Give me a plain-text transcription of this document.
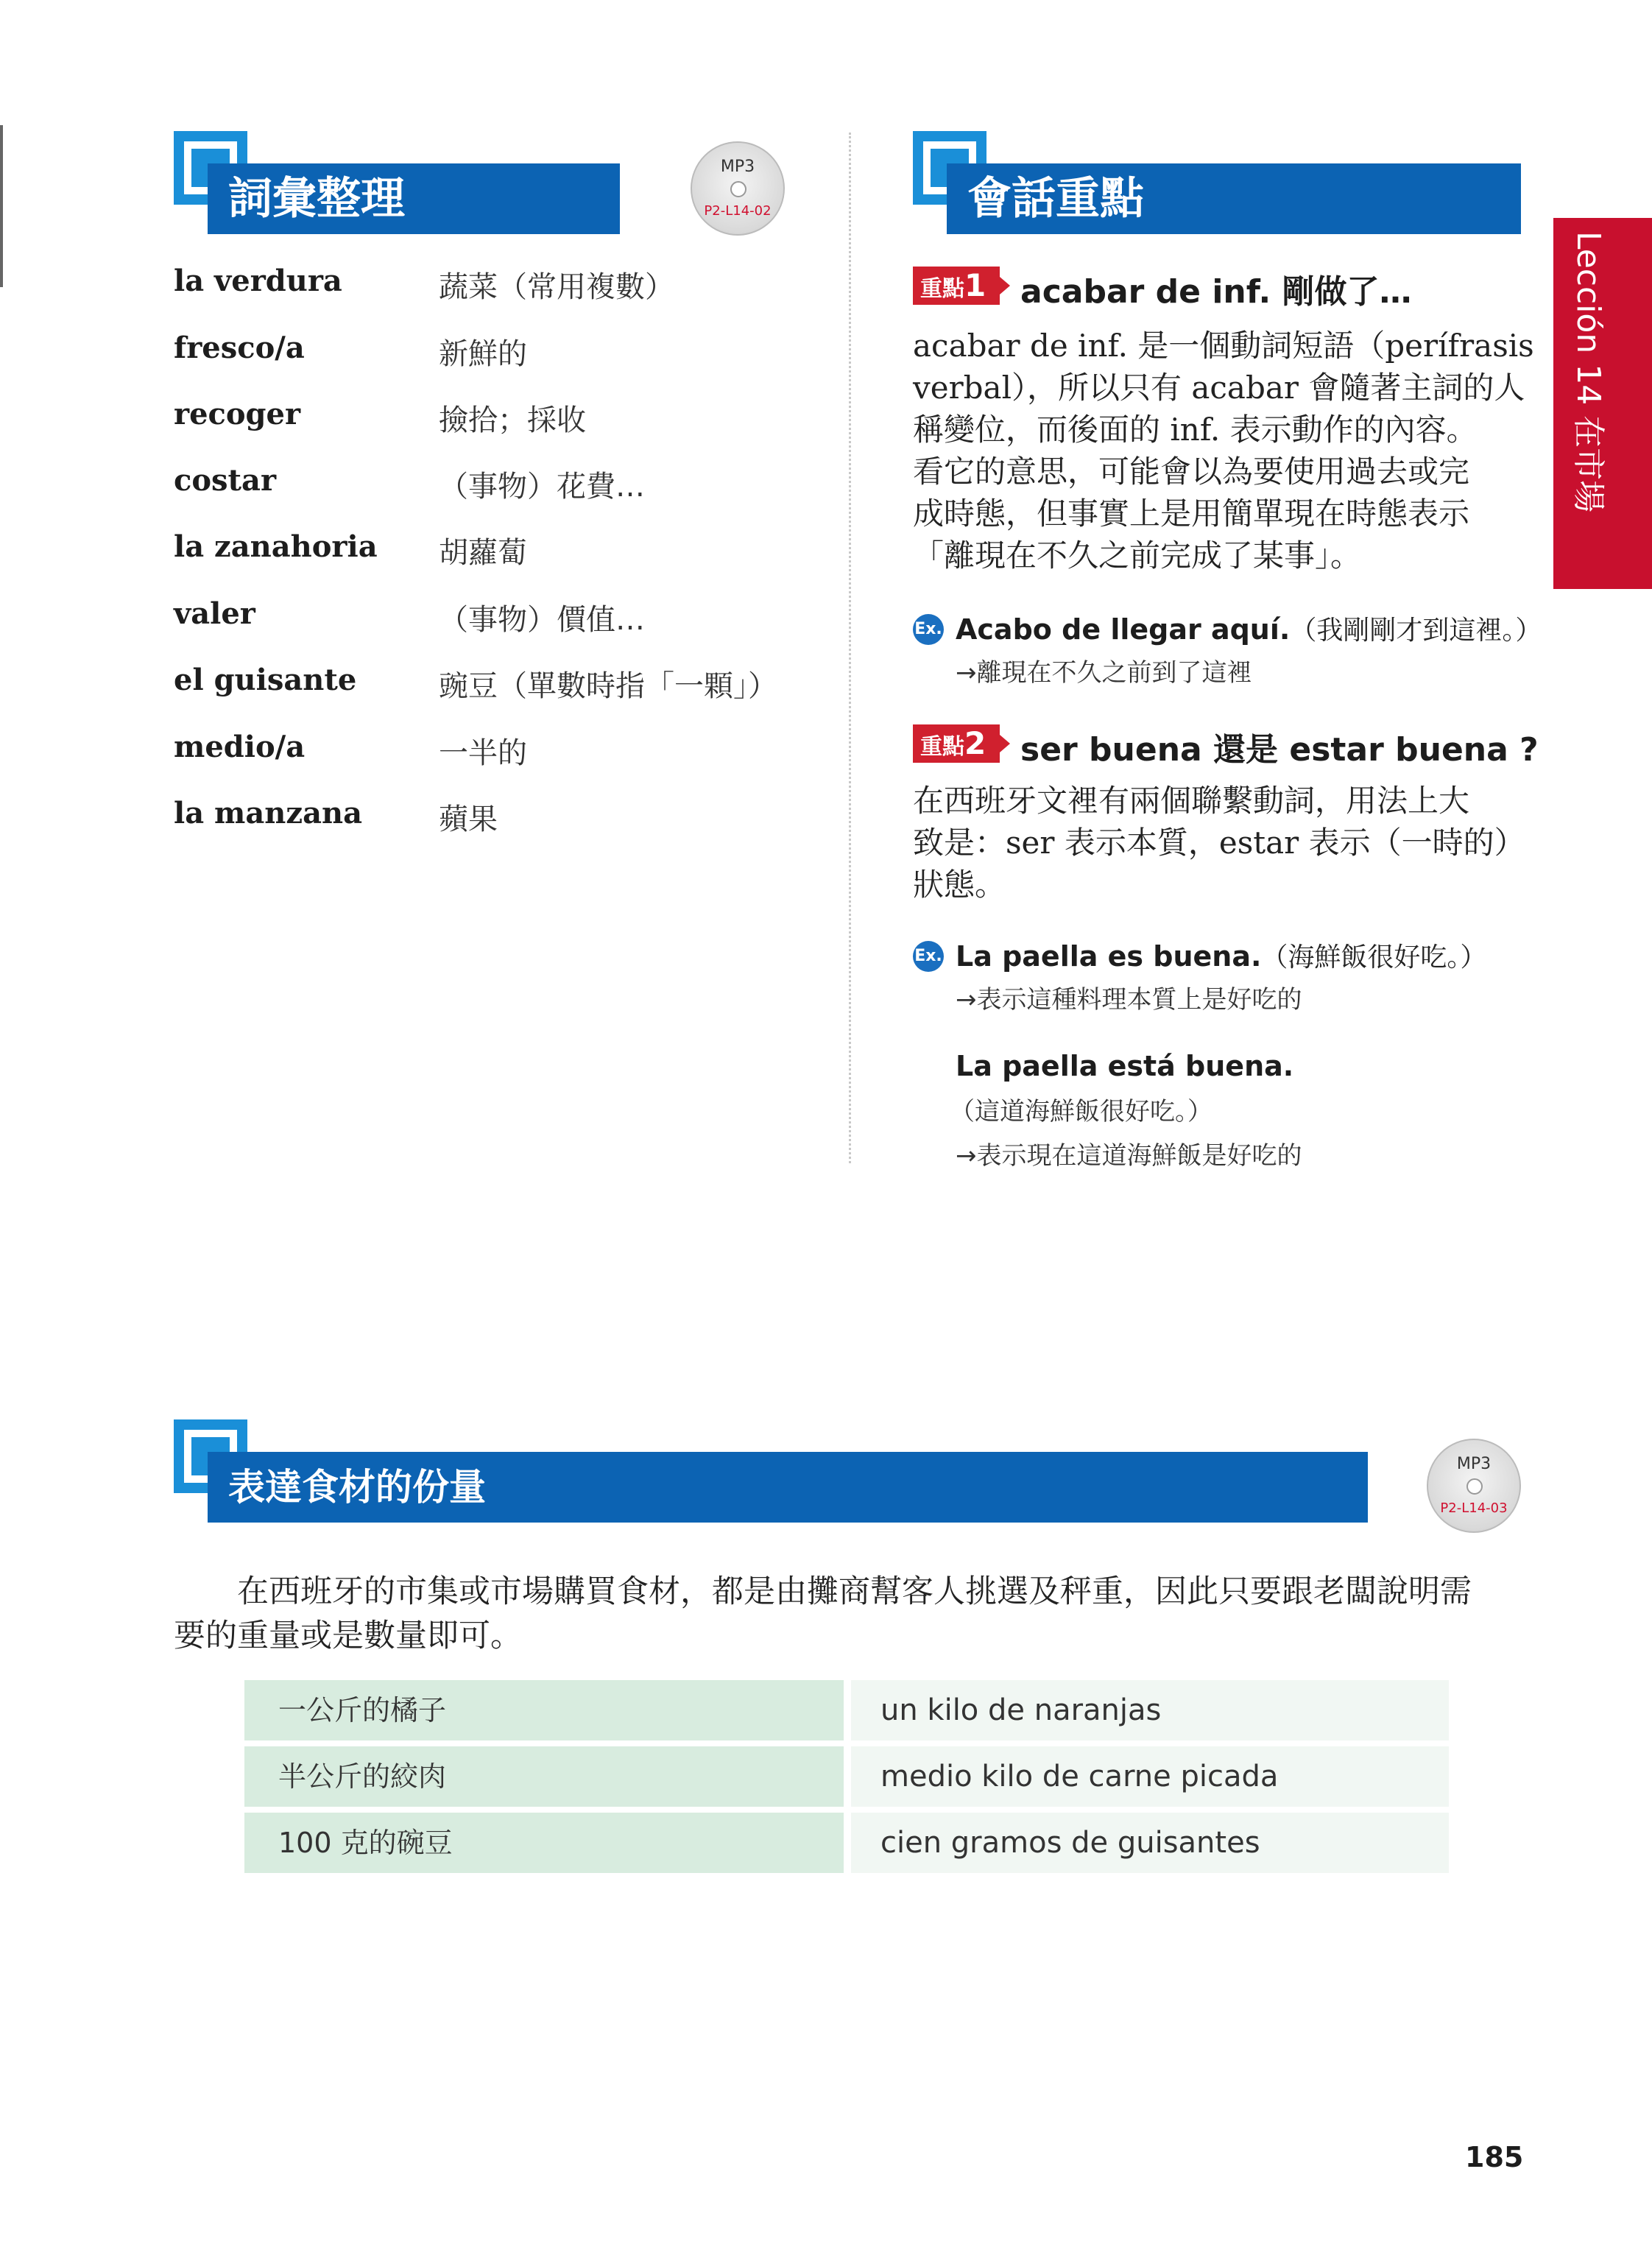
詞彙整理
MP3
P2-L14-02
la verdura	蔬菜（常用複數）
fresco/a	新鮮的
recoger	撿拾；採收
costar	（事物）花費…
la zanahoria 胡蘿蔔
valer	（事物）價值…
el guisante	豌豆（單數時指「一顆」）
medio/a	一半的
la manzana	蘋果
會話重點
Lección 14 在市場
重點1	acabar de inf. 剛做了…
acabar de inf. 是一個動詞短語（perífrasis
verbal），所以只有 acabar 會隨著主詞的人
稱變位，而後面的 inf. 表示動作的內容。
看它的意思，可能會以為要使用過去或完
成時態，但事實上是用簡單現在時態表示
「離現在不久之前完成了某事」。
Ex. Acabo de llegar aquí.（我剛剛才到這裡。）
→離現在不久之前到了這裡
重點2	ser buena 還是 estar buena ?
在西班牙文裡有兩個聯繫動詞，用法上大
致是：ser 表示本質，estar 表示（一時的）
狀態。
Ex. La paella es buena.（海鮮飯很好吃。）
→表示這種料理本質上是好吃的
La paella está buena.
（這道海鮮飯很好吃。）
→表示現在這道海鮮飯是好吃的
表達食材的份量
MP3
P2-L14-03
在西班牙的市集或市場購買食材，都是由攤商幫客人挑選及秤重，因此只要跟老闆說明需
要的重量或是數量即可。
一公斤的橘子	un kilo de naranjas
半公斤的絞肉	medio kilo de carne picada
100 克的碗豆	cien gramos de guisantes
185
